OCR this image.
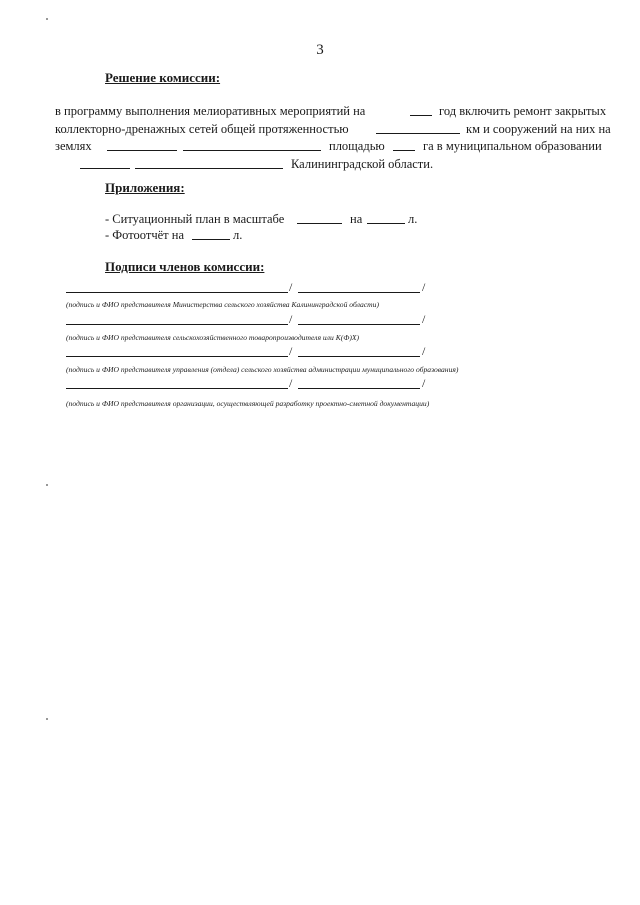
3
Решение комиссии:
в программу выполнения мелиоративных мероприятий на	год включить ремонт закрытых
коллекторно-дренажных сетей общей протяженностью	км и сооружений на них на
землях	площадью	га в муниципальном образовании
Калининградской области.
Приложения:
- Ситуационный план в масштабе	на	л.
- Фотоотчёт на	л.
Подписи членов комиссии:
/	/
(подпись и ФИО представителя Министерства сельского хозяйства Калининградской области)
/	/
(подпись и ФИО представителя сельскохозяйственного товаропроизводителя или К(Ф)Х)
/	/
(подпись и ФИО представителя управления (отдела) сельского хозяйства администрации муниципального образования)
/	/
(подпись и ФИО представителя организации, осуществляющей разработку проектно-сметной документации)
